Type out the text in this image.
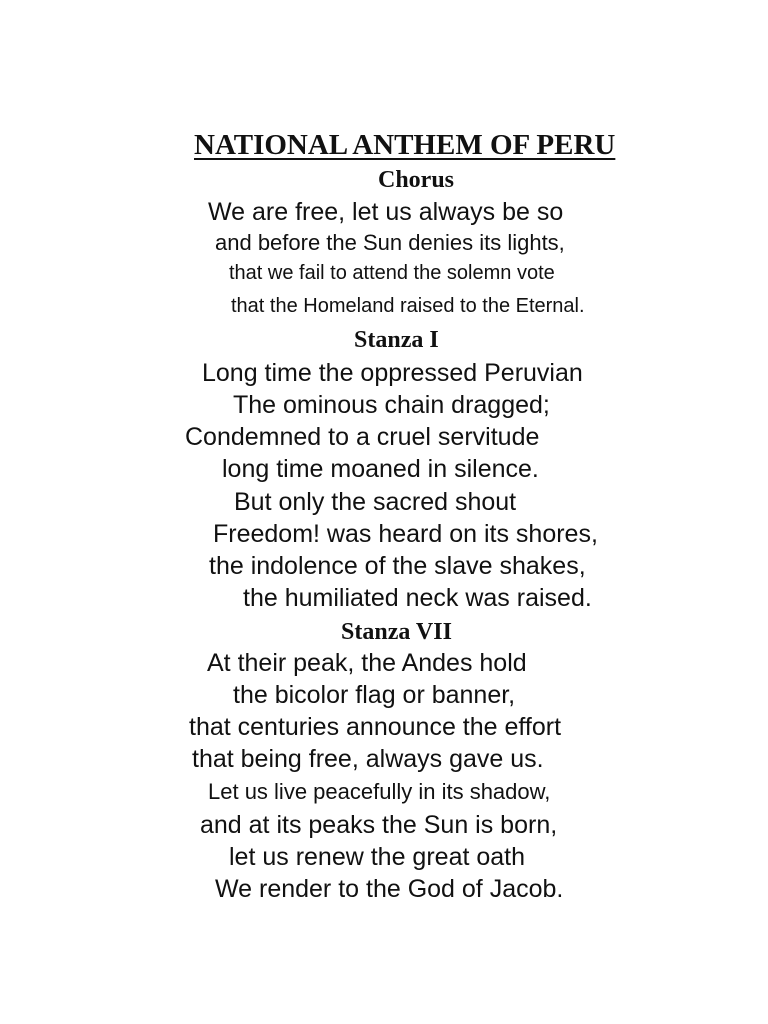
NATIONAL ANTHEM OF PERU
Chorus
We are free, let us always be so
and before the Sun denies its lights,
that we fail to attend the solemn vote
that the Homeland raised to the Eternal.
Stanza I
Long time the oppressed Peruvian
The ominous chain dragged;
Condemned to a cruel servitude
long time moaned in silence.
But only the sacred shout
Freedom! was heard on its shores,
the indolence of the slave shakes,
the humiliated neck was raised.
Stanza VII
At their peak, the Andes hold
the bicolor flag or banner,
that centuries announce the effort
that being free, always gave us.
Let us live peacefully in its shadow,
and at its peaks the Sun is born,
let us renew the great oath
We render to the God of Jacob.
